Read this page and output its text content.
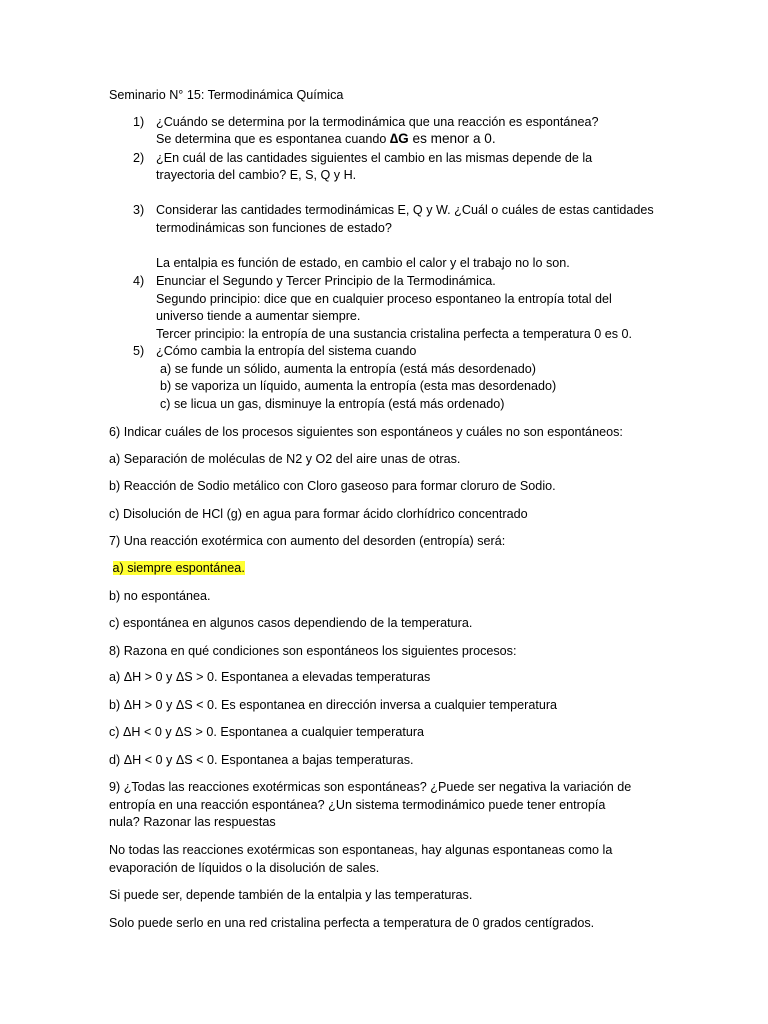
Seminario N° 15: Termodinámica Química
1) ¿Cuándo se determina por la termodinámica que una reacción es espontánea?
Se determina que es espontanea cuando ∆G es menor a 0.
2) ¿En cuál de las cantidades siguientes el cambio en las mismas depende de la
trayectoria del cambio? E, S, Q y H.
3) Considerar las cantidades termodinámicas E, Q y W. ¿Cuál o cuáles de estas cantidades
termodinámicas son funciones de estado?
La entalpia es función de estado, en cambio el calor y el trabajo no lo son.
4) Enunciar el Segundo y Tercer Principio de la Termodinámica.
Segundo principio: dice que en cualquier proceso espontaneo la entropía total del
universo tiende a aumentar siempre.
Tercer principio: la entropía de una sustancia cristalina perfecta a temperatura 0 es 0.
5) ¿Cómo cambia la entropía del sistema cuando
a) se funde un sólido, aumenta la entropía (está más desordenado)
b) se vaporiza un líquido, aumenta la entropía (esta mas desordenado)
c) se licua un gas, disminuye la entropía (está más ordenado)
6) Indicar cuáles de los procesos siguientes son espontáneos y cuáles no son espontáneos:
a) Separación de moléculas de N2 y O2 del aire unas de otras.
b) Reacción de Sodio metálico con Cloro gaseoso para formar cloruro de Sodio.
c) Disolución de HCl (g) en agua para formar ácido clorhídrico concentrado
7) Una reacción exotérmica con aumento del desorden (entropía) será:
a) siempre espontánea.
b) no espontánea.
c) espontánea en algunos casos dependiendo de la temperatura.
8) Razona en qué condiciones son espontáneos los siguientes procesos:
a) ΔH > 0 y ΔS > 0. Espontanea a elevadas temperaturas
b) ΔH > 0 y ΔS < 0. Es espontanea en dirección inversa a cualquier temperatura
c) ΔH < 0 y ΔS > 0. Espontanea a cualquier temperatura
d) ΔH < 0 y ΔS < 0. Espontanea a bajas temperaturas.
9) ¿Todas las reacciones exotérmicas son espontáneas? ¿Puede ser negativa la variación de
entropía en una reacción espontánea? ¿Un sistema termodinámico puede tener entropía
nula? Razonar las respuestas
No todas las reacciones exotérmicas son espontaneas, hay algunas espontaneas como la
evaporación de líquidos o la disolución de sales.
Si puede ser, depende también de la entalpia y las temperaturas.
Solo puede serlo en una red cristalina perfecta a temperatura de 0 grados centígrados.
